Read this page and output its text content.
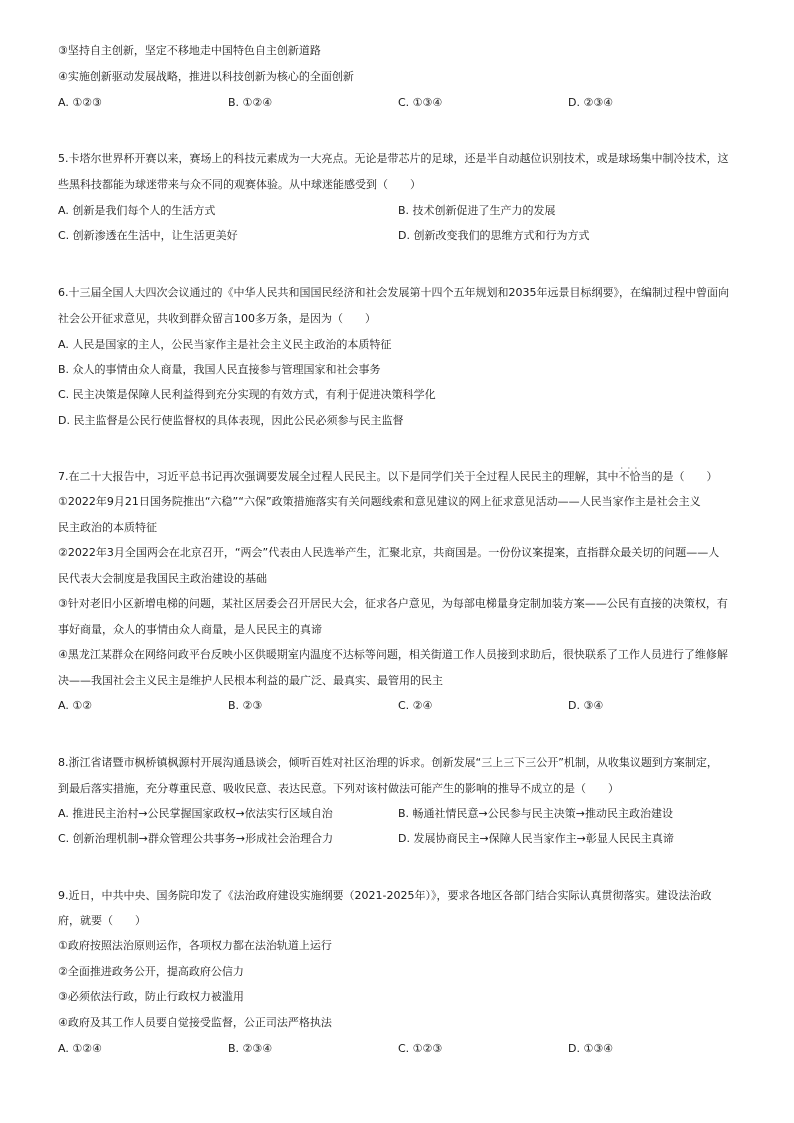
③坚持自主创新，坚定不移地走中国特色自主创新道路
④实施创新驱动发展战略，推进以科技创新为核心的全面创新
A. ①②③	B. ①②④	C. ①③④	D. ②③④
5.卡塔尔世界杯开赛以来，赛场上的科技元素成为一大亮点。无论是带芯片的足球，还是半自动越位识别技术，或是球场集中制冷技术，这
些黑科技都能为球迷带来与众不同的观赛体验。从中球迷能感受到（　　）
A. 创新是我们每个人的生活方式	B. 技术创新促进了生产力的发展
C. 创新渗透在生活中，让生活更美好	D. 创新改变我们的思维方式和行为方式
6.十三届全国人大四次会议通过的《中华人民共和国国民经济和社会发展第十四个五年规划和2035年远景目标纲要》，在编制过程中曾面向
社会公开征求意见，共收到群众留言100多万条，是因为（　　）
A. 人民是国家的主人，公民当家作主是社会主义民主政治的本质特征
B. 众人的事情由众人商量，我国人民直接参与管理国家和社会事务
C. 民主决策是保障人民利益得到充分实现的有效方式，有利于促进决策科学化
D. 民主监督是公民行使监督权的具体表现，因此公民必须参与民主监督
7.在二十大报告中，习近平总书记再次强调要发展全过程人民民主。以下是同学们关于全过程人民民主的理解，其中不恰当 · · ·的是（　　）
①2022年9月21日国务院推出“六稳”“六保”政策措施落实有关问题线索和意见建议的网上征求意见活动——人民当家作主是社会主义
民主政治的本质特征
②2022年3月全国两会在北京召开，“两会”代表由人民选举产生，汇聚北京，共商国是。一份份议案提案，直指群众最关切的问题——人
民代表大会制度是我国民主政治建设的基础
③针对老旧小区新增电梯的问题，某社区居委会召开居民大会，征求各户意见，为每部电梯量身定制加装方案——公民有直接的决策权，有
事好商量，众人的事情由众人商量，是人民民主的真谛
④黑龙江某群众在网络问政平台反映小区供暖期室内温度不达标等问题，相关街道工作人员接到求助后，很快联系了工作人员进行了维修解
决——我国社会主义民主是维护人民根本利益的最广泛、最真实、最管用的民主
A. ①②	B. ②③	C. ②④	D. ③④
8.浙江省诸暨市枫桥镇枫源村开展沟通恳谈会，倾听百姓对社区治理的诉求。创新发展“三上三下三公开”机制，从收集议题到方案制定，
到最后落实措施，充分尊重民意、吸收民意、表达民意。下列对该村做法可能产生的影响的推导不成立的是（　　）
A. 推进民主治村→公民掌握国家政权→依法实行区域自治	B. 畅通社情民意→公民参与民主决策→推动民主政治建设
C. 创新治理机制→群众管理公共事务→形成社会治理合力	D. 发展协商民主→保障人民当家作主→彰显人民民主真谛
9.近日，中共中央、国务院印发了《法治政府建设实施纲要（2021-2025年）》，要求各地区各部门结合实际认真贯彻落实。建设法治政
府，就要（　　）
①政府按照法治原则运作，各项权力都在法治轨道上运行
②全面推进政务公开，提高政府公信力
③必须依法行政，防止行政权力被滥用
④政府及其工作人员要自觉接受监督，公正司法严格执法
A. ①②④	B. ②③④	C. ①②③	D. ①③④
